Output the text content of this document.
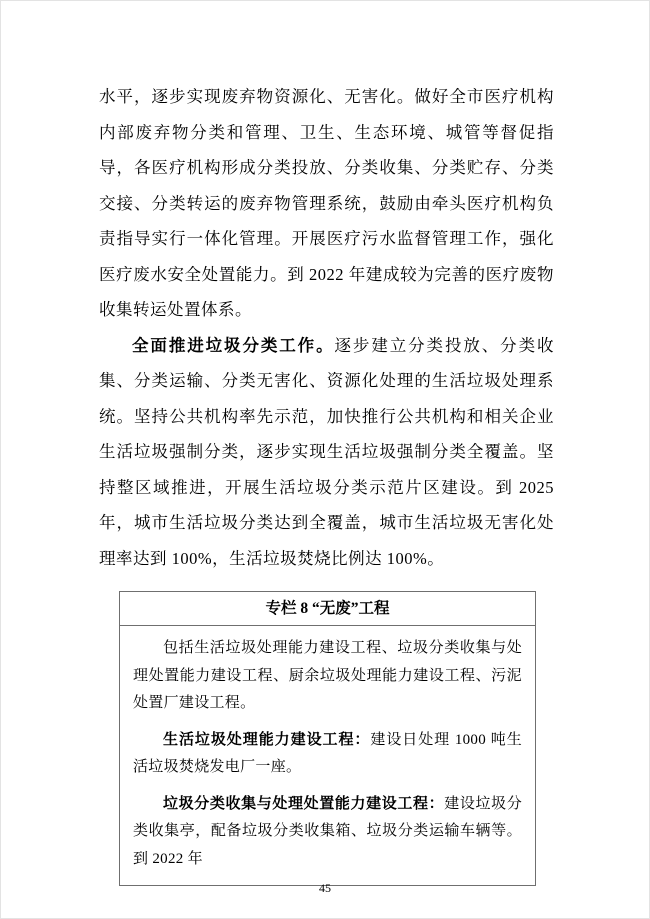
水平，逐步实现废弃物资源化、无害化。做好全市医疗机构内部废弃物分类和管理、卫生、生态环境、城管等督促指导，各医疗机构形成分类投放、分类收集、分类贮存、分类交接、分类转运的废弃物管理系统，鼓励由牵头医疗机构负责指导实行一体化管理。开展医疗污水监督管理工作，强化医疗废水安全处置能力。到 2022 年建成较为完善的医疗废物收集转运处置体系。

全面推进垃圾分类工作。逐步建立分类投放、分类收集、分类运输、分类无害化、资源化处理的生活垃圾处理系统。坚持公共机构率先示范，加快推行公共机构和相关企业生活垃圾强制分类，逐步实现生活垃圾强制分类全覆盖。坚持整区域推进，开展生活垃圾分类示范片区建设。到 2025 年，城市生活垃圾分类达到全覆盖，城市生活垃圾无害化处理率达到 100%，生活垃圾焚烧比例达 100%。

专栏 8 “无废”工程

包括生活垃圾处理能力建设工程、垃圾分类收集与处理处置能力建设工程、厨余垃圾处理能力建设工程、污泥处置厂建设工程。

生活垃圾处理能力建设工程：建设日处理 1000 吨生活垃圾焚烧发电厂一座。

垃圾分类收集与处理处置能力建设工程：建设垃圾分类收集亭，配备垃圾分类收集箱、垃圾分类运输车辆等。到 2022 年

45
